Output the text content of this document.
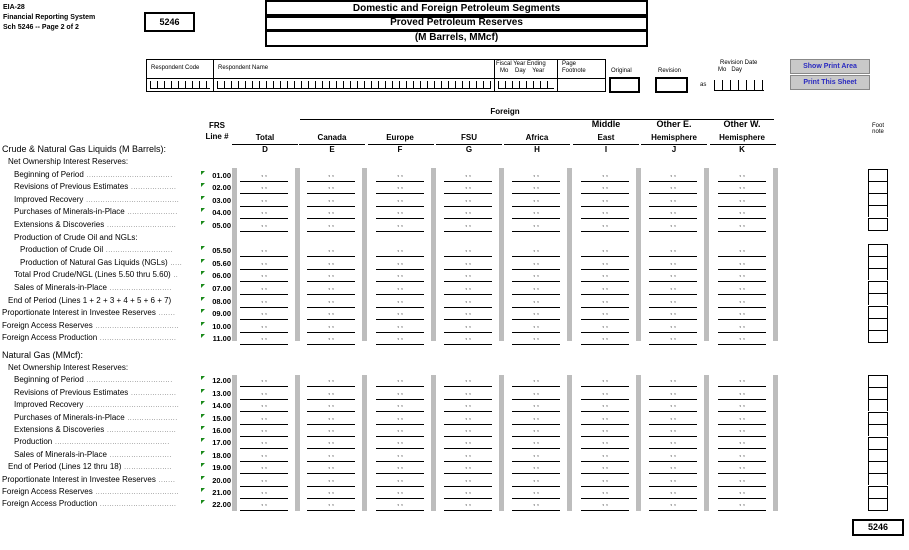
EIA-28
Financial Reporting System
Sch 5246 -- Page 2 of 2
5246
Domestic and Foreign Petroleum Segments
Proved Petroleum Reserves
(M Barrels, MMcf)
Respondent Code	Respondent Name
Fiscal Year Ending
Mo    Day    Year
Page Footnote	Original	Revision
as
Revision Date
Mo   Day	Show Print Area
Print This Sheet
Foreign
FRS
Line #
Foot note
Total
D
Canada
E
Europe
F
FSU
G
Africa
H
Middle
East
I
Other E.
Hemisphere
J
Other W.
Hemisphere
K
Crude & Natural Gas Liquids (M Barrels):
Natural Gas (MMcf):
Net Ownership Interest Reserves:
Beginning of Period ....................................	01.00	, ,	, ,	, ,	, ,	, ,	, ,	, ,	, ,
Revisions of Previous Estimates ...................	02.00	, ,	, ,	, ,	, ,	, ,	, ,	, ,	, ,
Improved Recovery .......................................	03.00	, ,	, ,	, ,	, ,	, ,	, ,	, ,	, ,
Purchases of Minerals-in-Place .....................	04.00	, ,	, ,	, ,	, ,	, ,	, ,	, ,	, ,
Extensions & Discoveries .............................	05.00	, ,	, ,	, ,	, ,	, ,	, ,	, ,	, ,
Production of Crude Oil and NGLs:
Production of Crude Oil ............................	05.50	, ,	, ,	, ,	, ,	, ,	, ,	, ,	, ,
Production of Natural Gas Liquids (NGLs) .....	05.60	, ,	, ,	, ,	, ,	, ,	, ,	, ,	, ,
Total Prod Crude/NGL (Lines 5.50 thru 5.60) ..	06.00	, ,	, ,	, ,	, ,	, ,	, ,	, ,	, ,
Sales of Minerals-in-Place ..........................	07.00	, ,	, ,	, ,	, ,	, ,	, ,	, ,	, ,
End of Period (Lines 1 + 2 + 3 + 4 + 5 + 6 + 7)	08.00	, ,	, ,	, ,	, ,	, ,	, ,	, ,	, ,
Proportionate Interest in Investee Reserves .......	09.00	, ,	, ,	, ,	, ,	, ,	, ,	, ,	, ,
Foreign Access Reserves ...................................	10.00	, ,	, ,	, ,	, ,	, ,	, ,	, ,	, ,
Foreign Access Production ................................	11.00	, ,	, ,	, ,	, ,	, ,	, ,	, ,	, ,
Net Ownership Interest Reserves:
Beginning of Period ....................................	12.00	, ,	, ,	, ,	, ,	, ,	, ,	, ,	, ,
Revisions of Previous Estimates ...................	13.00	, ,	, ,	, ,	, ,	, ,	, ,	, ,	, ,
Improved Recovery .......................................	14.00	, ,	, ,	, ,	, ,	, ,	, ,	, ,	, ,
Purchases of Minerals-in-Place .....................	15.00	, ,	, ,	, ,	, ,	, ,	, ,	, ,	, ,
Extensions & Discoveries .............................	16.00	, ,	, ,	, ,	, ,	, ,	, ,	, ,	, ,
Production ................................................	17.00	, ,	, ,	, ,	, ,	, ,	, ,	, ,	, ,
Sales of Minerals-in-Place ..........................	18.00	, ,	, ,	, ,	, ,	, ,	, ,	, ,	, ,
End of Period (Lines 12 thru 18) ....................	19.00	, ,	, ,	, ,	, ,	, ,	, ,	, ,	, ,
Proportionate Interest in Investee Reserves .......	20.00	, ,	, ,	, ,	, ,	, ,	, ,	, ,	, ,
Foreign Access Reserves ...................................	21.00	, ,	, ,	, ,	, ,	, ,	, ,	, ,	, ,
Foreign Access Production ................................	22.00	, ,	, ,	, ,	, ,	, ,	, ,	, ,	, ,
5246
